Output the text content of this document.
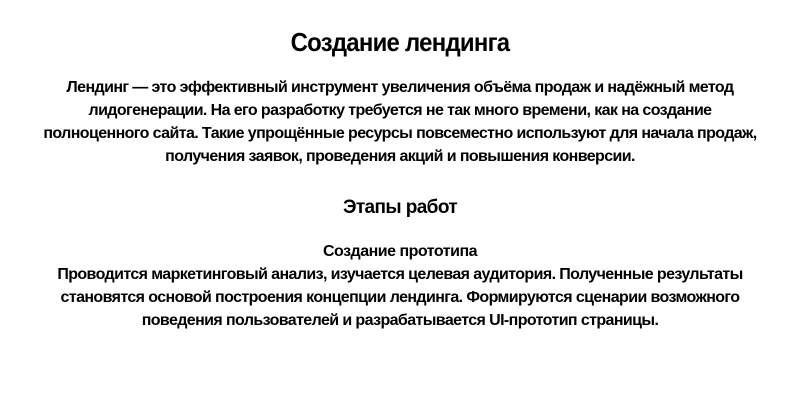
Создание лендинга

Лендинг — это эффективный инструмент увеличения объёма продаж и надёжный метод лидогенерации. На его разработку требуется не так много времени, как на создание полноценного сайта. Такие упрощённые ресурсы повсеместно используют для начала продаж, получения заявок, проведения акций и повышения конверсии.

Этапы работ

Создание прототипа

Проводится маркетинговый анализ, изучается целевая аудитория. Полученные результаты становятся основой построения концепции лендинга. Формируются сценарии возможного поведения пользователей и разрабатывается UI-прототип страницы.
